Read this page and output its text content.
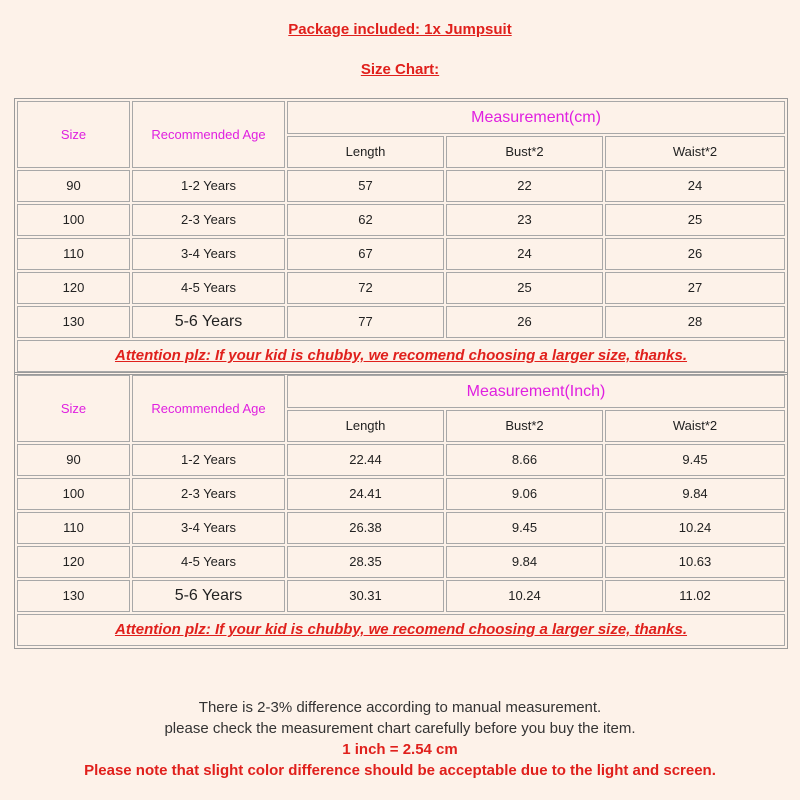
Package included: 1x Jumpsuit
Size Chart:
Size	Recommended Age	Measurement(cm)		
		Length	Bust*2	Waist*2
90	1-2 Years	57	22	24
100	2-3 Years	62	23	25
110	3-4 Years	67	24	26
120	4-5 Years	72	25	27
130	5-6 Years	77	26	28
Attention plz: If your kid is chubby, we recomend choosing a larger size, thanks.				
Size	Recommended Age	Measurement(Inch)		
		Length	Bust*2	Waist*2
90	1-2 Years	22.44	8.66	9.45
100	2-3 Years	24.41	9.06	9.84
110	3-4 Years	26.38	9.45	10.24
120	4-5 Years	28.35	9.84	10.63
130	5-6 Years	30.31	10.24	11.02
Attention plz: If your kid is chubby, we recomend choosing a larger size, thanks.				
There is 2-3% difference according to manual measurement.
please check the measurement chart carefully before you buy the item.
1 inch = 2.54 cm
Please note that slight color difference should be acceptable due to the light and screen.
